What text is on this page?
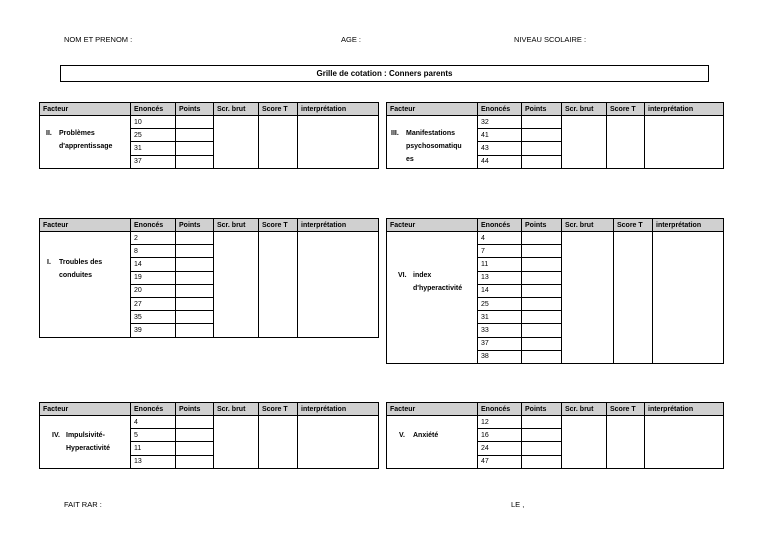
NOM ET PRENOM :	AGE :	NIVEAU SCOLAIRE :
Grille de cotation : Conners parents
Facteur	Enoncés	Points	Scr. brut	Score T	interprétation

II. Problèmes
d'apprentissage	10				
	25				
	31				
	37				
Facteur	Enoncés	Points	Scr. brut	Score T	interprétation

III. Manifestations
psychosomatiqu
es	32				
	41				
	43				
	44				
Facteur	Enoncés	Points	Scr. brut	Score T	interprétation

I. Troubles des
conduites	2				
	8				
	14				
	19				
	20				
	27				
	35				
	39				
Facteur	Enoncés	Points	Scr. brut	Score T	interprétation

VI. index
d'hyperactivité	4				
	7				
	11				
	13				
	14				
	25				
	31				
	33				
	37				
	38				
Facteur	Enoncés	Points	Scr. brut	Score T	interprétation

IV. Impulsivité-
Hyperactivité	4				
	5				
	11				
	13				
Facteur	Enoncés	Points	Scr. brut	Score T	interprétation

V. Anxiété	12				
	16				
	24				
	47				
FAIT RAR :	LE ,
